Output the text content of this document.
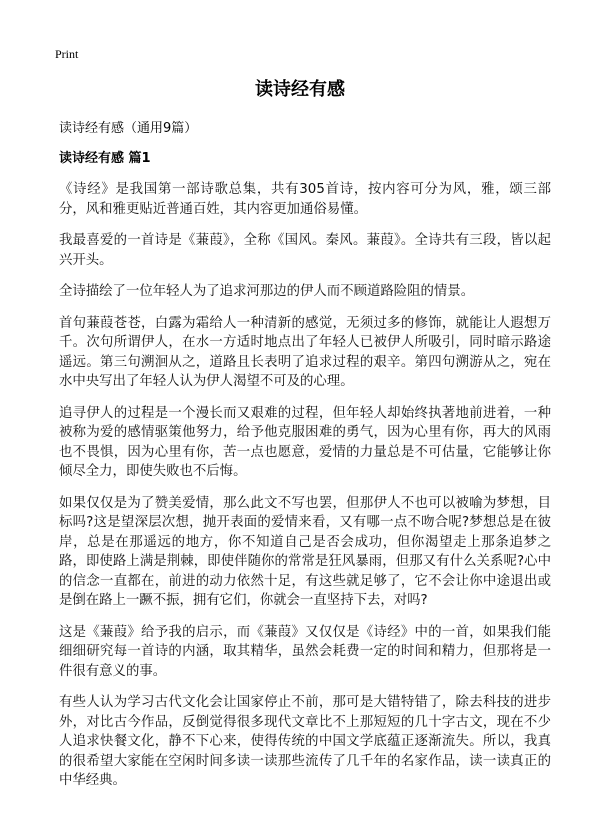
Print
读诗经有感
读诗经有感（通用9篇）
读诗经有感 篇1

《诗经》是我国第一部诗歌总集，共有305首诗，按内容可分为风，雅，颂三部分，风和雅更贴近普通百姓，其内容更加通俗易懂。

我最喜爱的一首诗是《蒹葭》，全称《国风。秦风。蒹葭》。全诗共有三段，皆以起兴开头。

全诗描绘了一位年轻人为了追求河那边的伊人而不顾道路险阻的情景。

首句蒹葭苍苍，白露为霜给人一种清新的感觉，无须过多的修饰，就能让人遐想万千。次句所谓伊人，在水一方适时地点出了年轻人已被伊人所吸引，同时暗示路途遥远。第三句溯洄从之，道路且长表明了追求过程的艰辛。第四句溯游从之，宛在水中央写出了年轻人认为伊人渴望不可及的心理。

追寻伊人的过程是一个漫长而又艰难的过程，但年轻人却始终执著地前进着，一种被称为爱的感情驱策他努力，给予他克服困难的勇气，因为心里有你，再大的风雨也不畏惧，因为心里有你，苦一点也愿意，爱情的力量总是不可估量，它能够让你倾尽全力，即使失败也不后悔。

如果仅仅是为了赞美爱情，那么此文不写也罢，但那伊人不也可以被喻为梦想，目标吗?这是望深层次想，抛开表面的爱情来看，又有哪一点不吻合呢?梦想总是在彼岸，总是在那遥远的地方，你不知道自己是否会成功，但你渴望走上那条追梦之路，即使路上满是荆棘，即使伴随你的常常是狂风暴雨，但那又有什么关系呢?心中的信念一直都在，前进的动力依然十足，有这些就足够了，它不会让你中途退出或是倒在路上一蹶不振，拥有它们，你就会一直坚持下去，对吗?

这是《蒹葭》给予我的启示，而《蒹葭》又仅仅是《诗经》中的一首，如果我们能细细研究每一首诗的内涵，取其精华，虽然会耗费一定的时间和精力，但那将是一件很有意义的事。

有些人认为学习古代文化会让国家停止不前，那可是大错特错了，除去科技的进步外，对比古今作品，反倒觉得很多现代文章比不上那短短的几十字古文，现在不少人追求快餐文化，静不下心来，使得传统的中国文学底蕴正逐渐流失。所以，我真的很希望大家能在空闲时间多读一读那些流传了几千年的名家作品，读一读真正的中华经典。
